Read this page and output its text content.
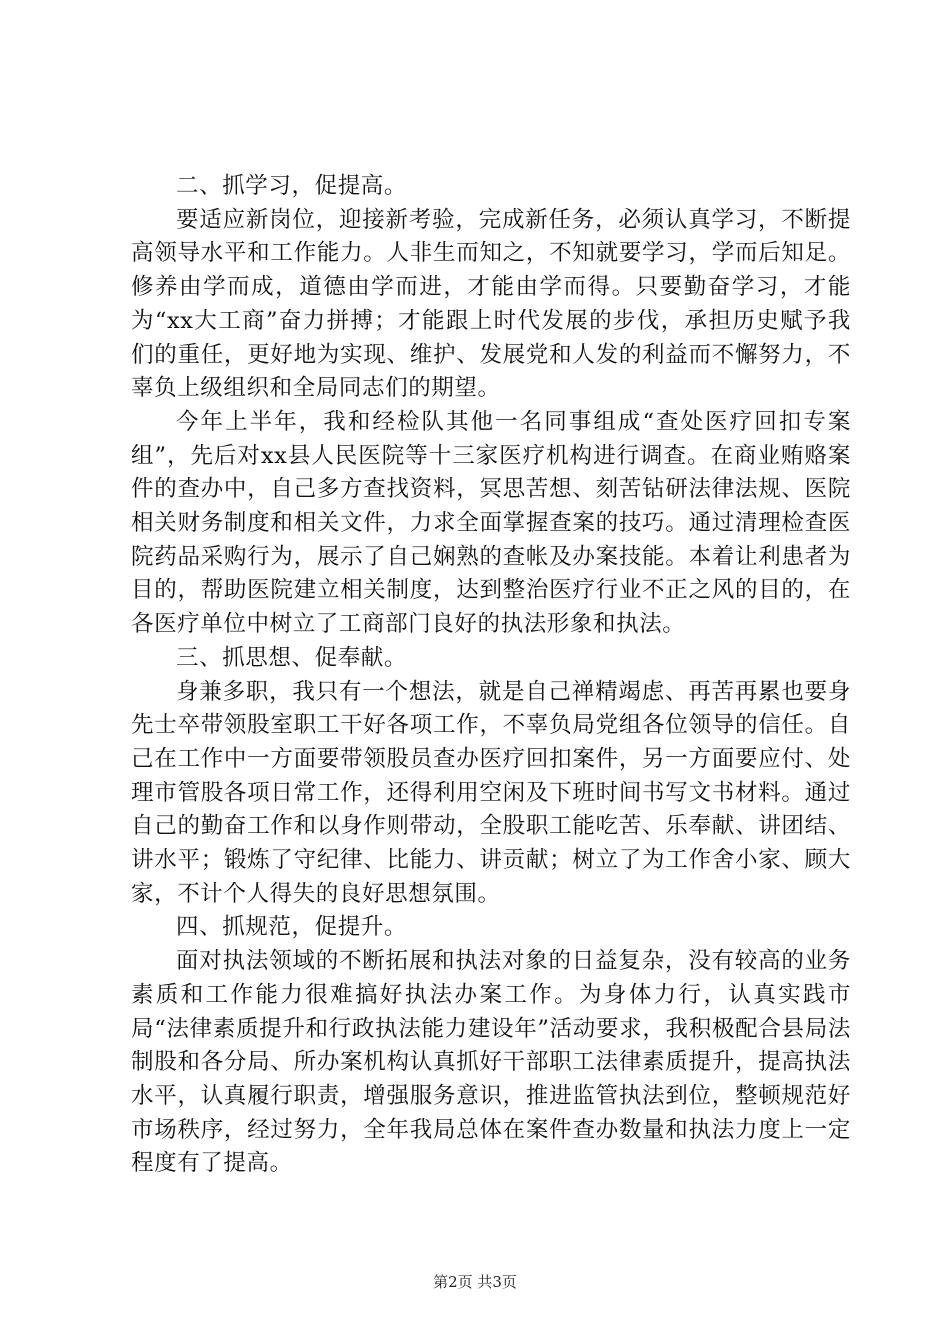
二、抓学习，促提高。

要适应新岗位，迎接新考验，完成新任务，必须认真学习，不断提高领导水平和工作能力。人非生而知之，不知就要学习，学而后知足。修养由学而成，道德由学而进，才能由学而得。只要勤奋学习，才能为“xx大工商”奋力拼搏；才能跟上时代发展的步伐，承担历史赋予我们的重任，更好地为实现、维护、发展党和人发的利益而不懈努力，不辜负上级组织和全局同志们的期望。

今年上半年，我和经检队其他一名同事组成“查处医疗回扣专案组”，先后对xx县人民医院等十三家医疗机构进行调查。在商业贿赂案件的查办中，自己多方查找资料，冥思苦想、刻苦钻研法律法规、医院相关财务制度和相关文件，力求全面掌握查案的技巧。通过清理检查医院药品采购行为，展示了自己娴熟的查帐及办案技能。本着让利患者为目的，帮助医院建立相关制度，达到整治医疗行业不正之风的目的，在各医疗单位中树立了工商部门良好的执法形象和执法。

三、抓思想、促奉献。

身兼多职，我只有一个想法，就是自己禅精竭虑、再苦再累也要身先士卒带领股室职工干好各项工作，不辜负局党组各位领导的信任。自己在工作中一方面要带领股员查办医疗回扣案件，另一方面要应付、处理市管股各项日常工作，还得利用空闲及下班时间书写文书材料。通过自己的勤奋工作和以身作则带动，全股职工能吃苦、乐奉献、讲团结、讲水平；锻炼了守纪律、比能力、讲贡献；树立了为工作舍小家、顾大家，不计个人得失的良好思想氛围。

四、抓规范，促提升。

面对执法领域的不断拓展和执法对象的日益复杂，没有较高的业务素质和工作能力很难搞好执法办案工作。为身体力行，认真实践市局“法律素质提升和行政执法能力建设年”活动要求，我积极配合县局法制股和各分局、所办案机构认真抓好干部职工法律素质提升，提高执法水平，认真履行职责，增强服务意识，推进监管执法到位，整顿规范好市场秩序，经过努力，全年我局总体在案件查办数量和执法力度上一定程度有了提高。

第2页 共3页
